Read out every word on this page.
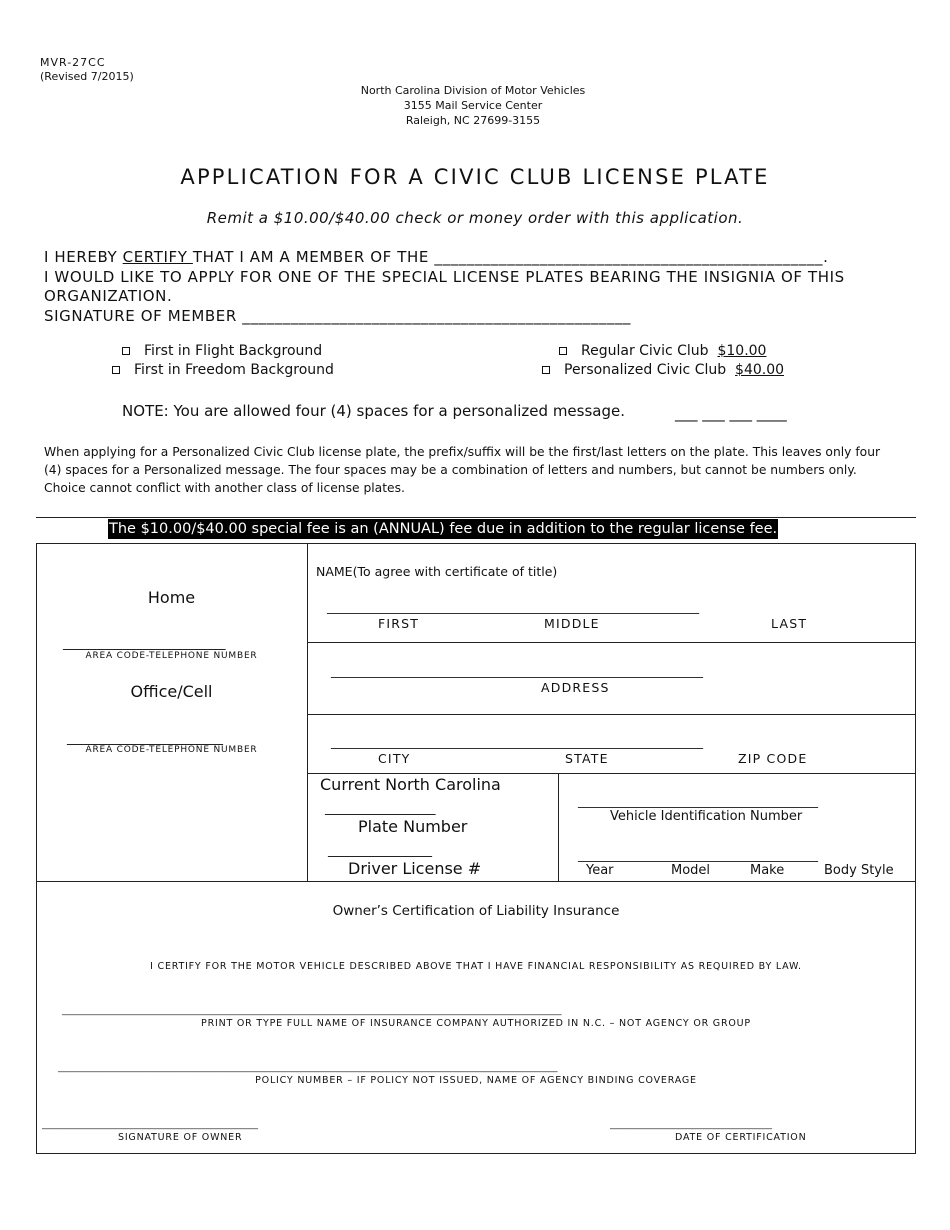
MVR-27CC
(Revised 7/2015)
North Carolina Division of Motor Vehicles
3155 Mail Service Center
Raleigh, NC 27699-3155
APPLICATION FOR A CIVIC CLUB LICENSE PLATE
Remit a $10.00/$40.00 check or money order with this application.
I HEREBY CERTIFY THAT I AM A MEMBER OF THE ________________________________________________.
I WOULD LIKE TO APPLY FOR ONE OF THE SPECIAL LICENSE PLATES BEARING THE INSIGNIA OF THIS
ORGANIZATION.
SIGNATURE OF MEMBER ________________________________________________
First in Flight Background
First in Freedom Background
Regular Civic Club $10.00
Personalized Civic Club $40.00
NOTE: You are allowed four (4) spaces for a personalized message.	___ ___ ___ ____
When applying for a Personalized Civic Club license plate, the prefix/suffix will be the first/last letters on the plate. This leaves only four
(4) spaces for a Personalized message. The four spaces may be a combination of letters and numbers, but cannot be numbers only.
Choice cannot conflict with another class of license plates.
The $10.00/$40.00 special fee is an (ANNUAL) fee due in addition to the regular license fee.
Home
_________________________
AREA CODE-TELEPHONE NUMBER
Office/Cell
________________________
AREA CODE-TELEPHONE NUMBER
NAME(To agree with certificate of title)
______________________________________________________________
FIRST	MIDDLE	LAST
______________________________________________________________
ADDRESS
______________________________________________________________
CITY	STATE	ZIP CODE
Current North Carolina
_________________
Plate Number
________________
Driver License #
________________________________________
Vehicle Identification Number
________________________________________
Year	Model	Make	Body Style
Owner’s Certification of Liability Insurance
I CERTIFY FOR THE MOTOR VEHICLE DESCRIBED ABOVE THAT I HAVE FINANCIAL RESPONSIBILITY AS REQUIRED BY LAW.
_______________________________________________________________________________________________________________
PRINT OR TYPE FULL NAME OF INSURANCE COMPANY AUTHORIZED IN N.C. – NOT AGENCY OR GROUP
_______________________________________________________________________________________________________________
POLICY NUMBER – IF POLICY NOT ISSUED, NAME OF AGENCY BINDING COVERAGE
________________________________________________
SIGNATURE OF OWNER
____________________________________
DATE OF CERTIFICATION
